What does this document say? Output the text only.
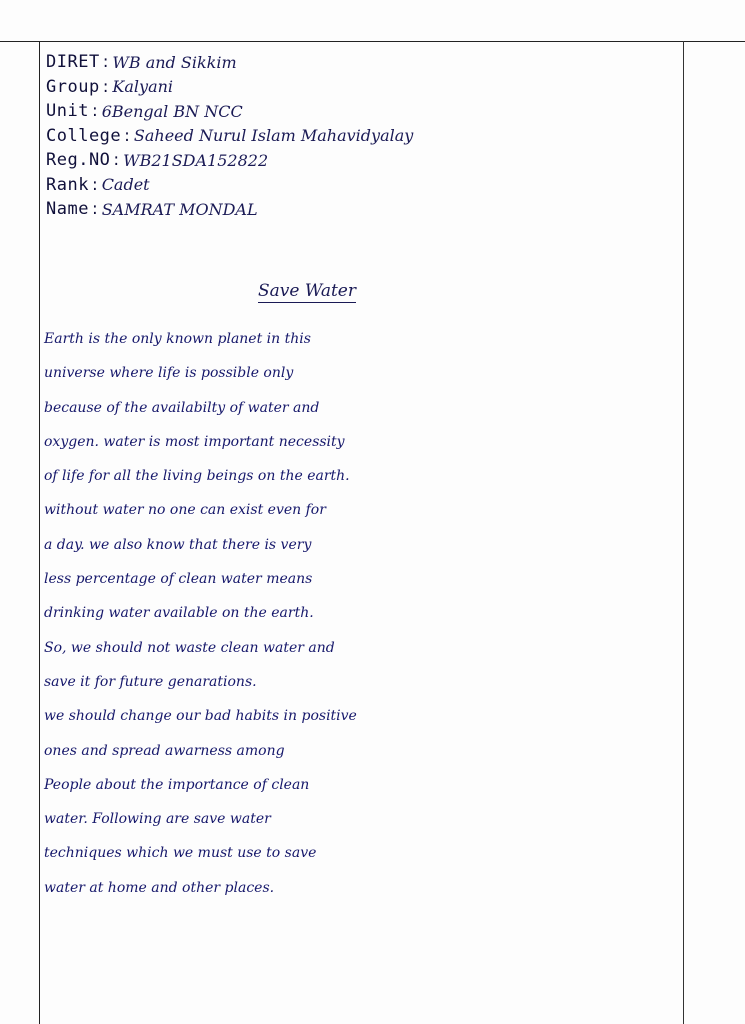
DIRET : WB and Sikkim
Group : Kalyani
Unit : 6Bengal BN NCC
College : Saheed Nurul Islam Mahavidyalay
Reg.NO : WB21SDA152822
Rank : Cadet
Name : SAMRAT MONDAL
Save Water
Earth is the only known planet in this
universe where life is possible only
because of the availabilty of water and
oxygen. water is most important necessity
of life for all the living beings on the earth.
without water no one can exist even for
a day. we also know that there is very
less percentage of clean water means
drinking water available on the earth.
So, we should not waste clean water and
save it for future genarations.
we should change our bad habits in positive
ones and spread awarness among
People about the importance of clean
water. Following are save water
techniques which we must use to save
water at home and other places.
